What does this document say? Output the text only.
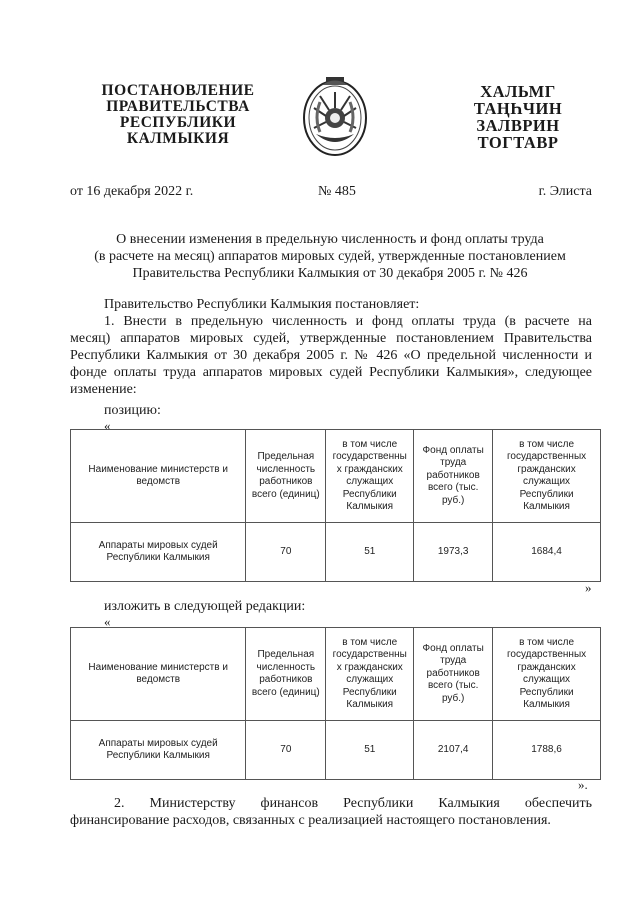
ПОСТАНОВЛЕНИЕ
ПРАВИТЕЛЬСТВА
РЕСПУБЛИКИ
КАЛМЫКИЯ
ХАЛЬМГ
ТАҢҺЧИН
ЗАЛВРИН
ТОГТАВР
от 16 декабря 2022 г.	№ 485	г. Элиста
О внесении изменения в предельную численность и фонд оплаты труда
(в расчете на месяц) аппаратов мировых судей, утвержденные постановлением
Правительства Республики Калмыкия от 30 декабря 2005 г. № 426
Правительство Республики Калмыкия постановляет:
1. Внести в предельную численность и фонд оплаты труда (в расчете на
месяц) аппаратов мировых судей, утвержденные постановлением Правительства
Республики Калмыкия от 30 декабря 2005 г. № 426 «О предельной численности и
фонде оплаты труда аппаратов мировых судей Республики Калмыкия», следующее
изменение:
позицию:
«
Наименование министерств и ведомств	Предельная численность работников всего (единиц)	в том числе государственны х гражданских служащих Республики Калмыкия	Фонд оплаты труда работников всего (тыс. руб.)	в том числе государственных гражданских служащих Республики Калмыкия
Аппараты мировых судей Республики Калмыкия	70	51	1973,3	1684,4
»
изложить в следующей редакции:
«
Наименование министерств и ведомств	Предельная численность работников всего (единиц)	в том числе государственны х гражданских служащих Республики Калмыкия	Фонд оплаты труда работников всего (тыс. руб.)	в том числе государственных гражданских служащих Республики Калмыкия
Аппараты мировых судей Республики Калмыкия	70	51	2107,4	1788,6
».
2. Министерству финансов Республики Калмыкия обеспечить
финансирование расходов, связанных с реализацией настоящего постановления.
